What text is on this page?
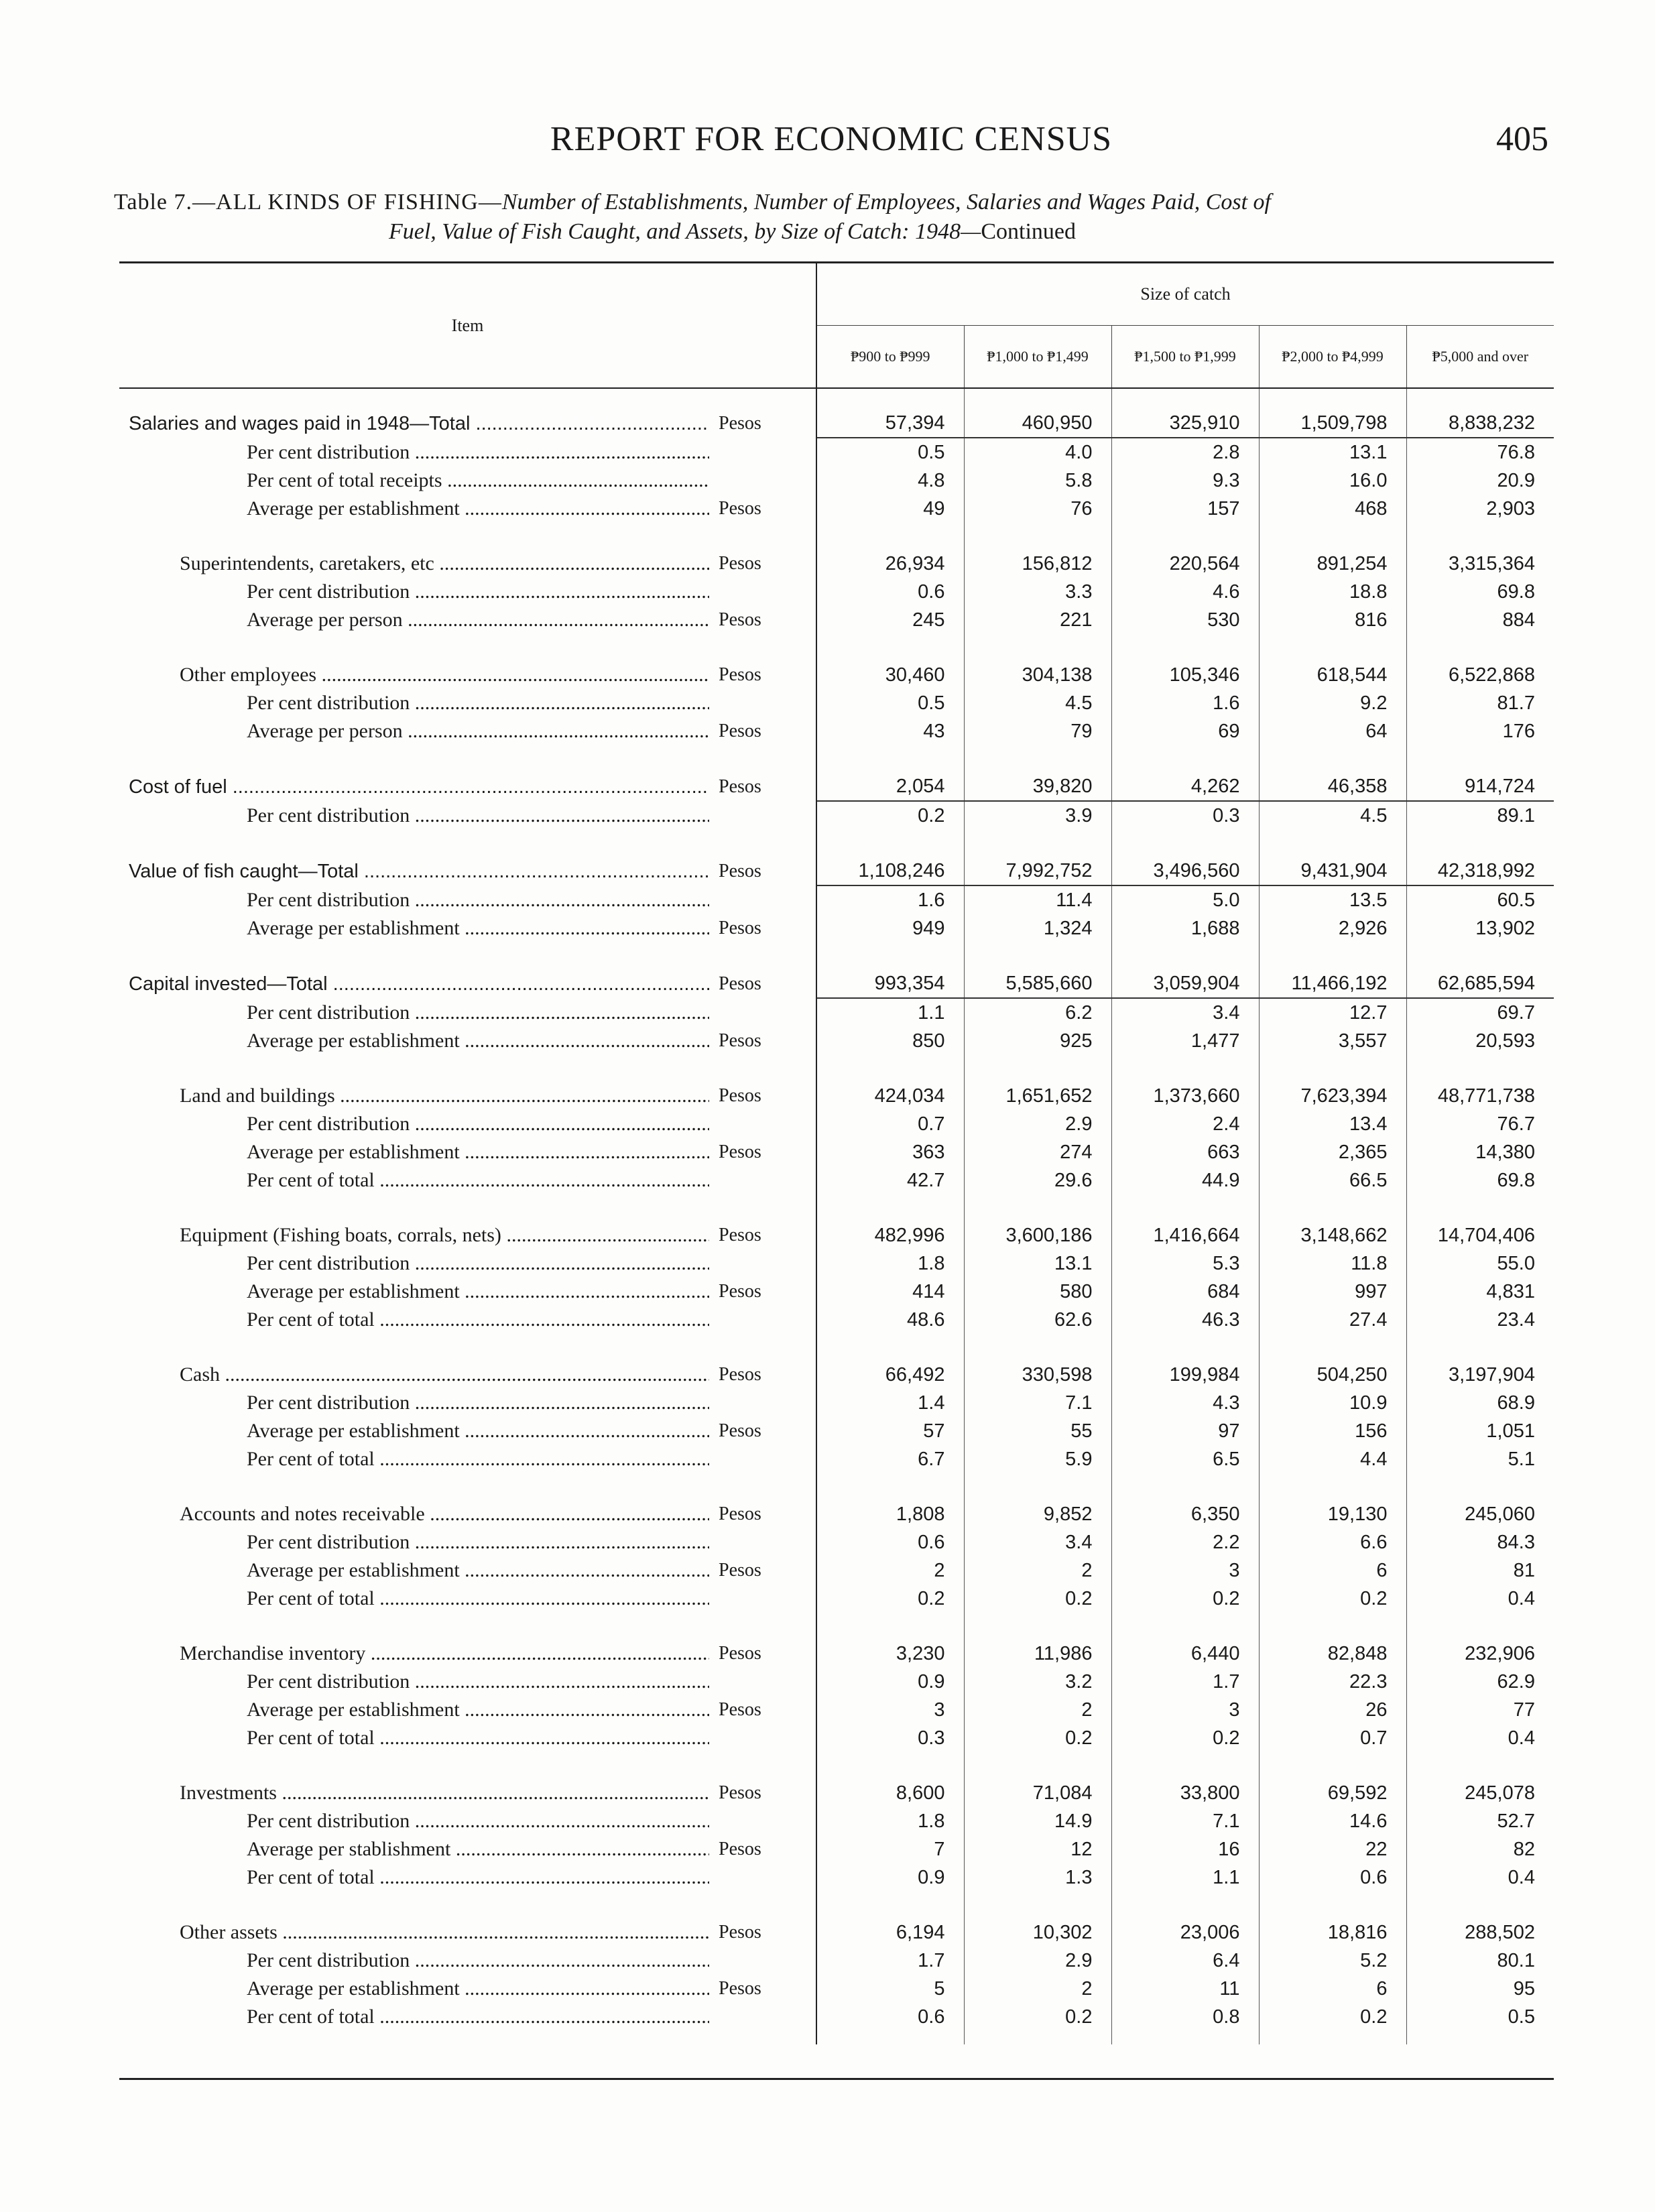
REPORT FOR ECONOMIC CENSUS	405
Table 7.—ALL KINDS OF FISHING—Number of Establishments, Number of Employees, Salaries and Wages Paid, Cost of
Fuel, Value of Fish Caught, and Assets, by Size of Catch: 1948—Continued
Item		Size of catch				
		₱900 to ₱999	₱1,000 to ₱1,499	₱1,500 to ₱1,999	₱2,000 to ₱4,999	₱5,000 and over

Salaries and wages paid in 1948—Total .....	Pesos	57,394	460,950	325,910	1,509,798	8,838,232
Per cent distribution .....		0.5	4.0	2.8	13.1	76.8
Per cent of total receipts .....		4.8	5.8	9.3	16.0	20.9
Average per establishment .....	Pesos	49	76	157	468	2,903

Superintendents, caretakers, etc .....	Pesos	26,934	156,812	220,564	891,254	3,315,364
Per cent distribution .....		0.6	3.3	4.6	18.8	69.8
Average per person .....	Pesos	245	221	530	816	884

Other employees .....	Pesos	30,460	304,138	105,346	618,544	6,522,868
Per cent distribution .....		0.5	4.5	1.6	9.2	81.7
Average per person .....	Pesos	43	79	69	64	176

Cost of fuel .....	Pesos	2,054	39,820	4,262	46,358	914,724
Per cent distribution .....		0.2	3.9	0.3	4.5	89.1

Value of fish caught—Total .....	Pesos	1,108,246	7,992,752	3,496,560	9,431,904	42,318,992
Per cent distribution .....		1.6	11.4	5.0	13.5	60.5
Average per establishment .....	Pesos	949	1,324	1,688	2,926	13,902

Capital invested—Total .....	Pesos	993,354	5,585,660	3,059,904	11,466,192	62,685,594
Per cent distribution .....		1.1	6.2	3.4	12.7	69.7
Average per establishment .....	Pesos	850	925	1,477	3,557	20,593

Land and buildings .....	Pesos	424,034	1,651,652	1,373,660	7,623,394	48,771,738
Per cent distribution .....		0.7	2.9	2.4	13.4	76.7
Average per establishment .....	Pesos	363	274	663	2,365	14,380
Per cent of total .....		42.7	29.6	44.9	66.5	69.8

Equipment (Fishing boats, corrals, nets) .....	Pesos	482,996	3,600,186	1,416,664	3,148,662	14,704,406
Per cent distribution .....		1.8	13.1	5.3	11.8	55.0
Average per establishment .....	Pesos	414	580	684	997	4,831
Per cent of total .....		48.6	62.6	46.3	27.4	23.4

Cash .....	Pesos	66,492	330,598	199,984	504,250	3,197,904
Per cent distribution .....		1.4	7.1	4.3	10.9	68.9
Average per establishment .....	Pesos	57	55	97	156	1,051
Per cent of total .....		6.7	5.9	6.5	4.4	5.1

Accounts and notes receivable .....	Pesos	1,808	9,852	6,350	19,130	245,060
Per cent distribution .....		0.6	3.4	2.2	6.6	84.3
Average per establishment .....	Pesos	2	2	3	6	81
Per cent of total .....		0.2	0.2	0.2	0.2	0.4

Merchandise inventory .....	Pesos	3,230	11,986	6,440	82,848	232,906
Per cent distribution .....		0.9	3.2	1.7	22.3	62.9
Average per establishment .....	Pesos	3	2	3	26	77
Per cent of total .....		0.3	0.2	0.2	0.7	0.4

Investments .....	Pesos	8,600	71,084	33,800	69,592	245,078
Per cent distribution .....		1.8	14.9	7.1	14.6	52.7
Average per stablishment .....	Pesos	7	12	16	22	82
Per cent of total .....		0.9	1.3	1.1	0.6	0.4

Other assets .....	Pesos	6,194	10,302	23,006	18,816	288,502
Per cent distribution .....		1.7	2.9	6.4	5.2	80.1
Average per establishment .....	Pesos	5	2	11	6	95
Per cent of total .....		0.6	0.2	0.8	0.2	0.5
